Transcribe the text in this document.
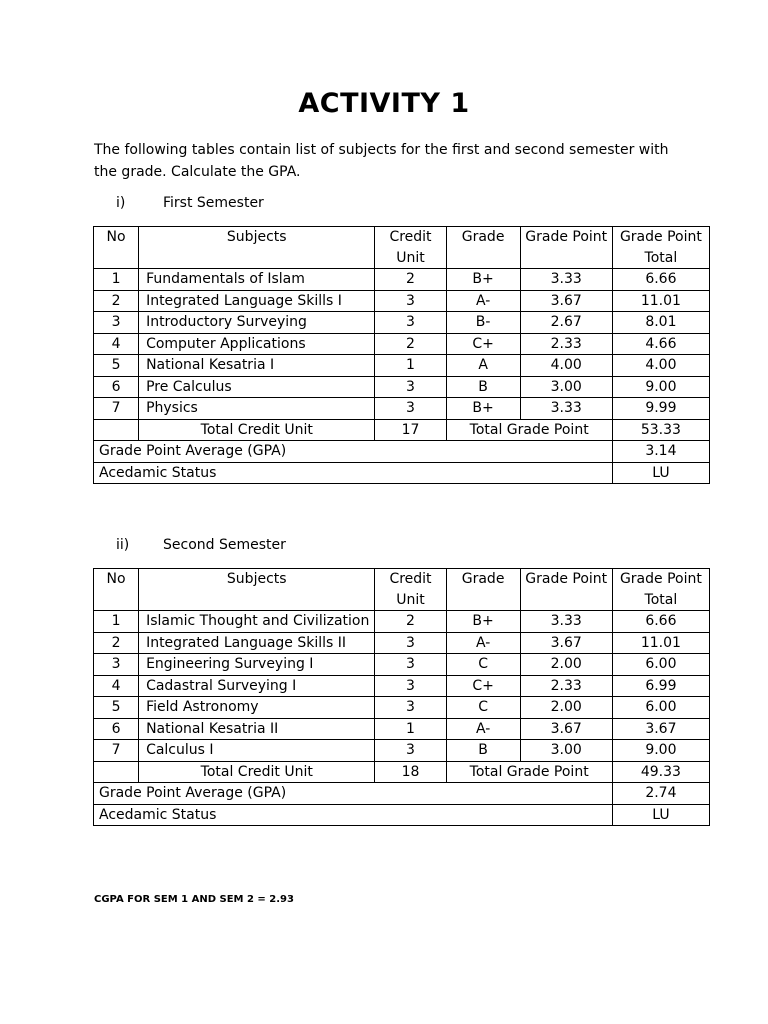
ACTIVITY 1
The following tables contain list of subjects for the first and second semester with the grade. Calculate the GPA.
i)	First Semester
No	Subjects	Credit Unit	Grade	Grade Point	Grade Point Total
1	Fundamentals of Islam	2	B+	3.33	6.66
2	Integrated Language Skills I	3	A-	3.67	11.01
3	Introductory Surveying	3	B-	2.67	8.01
4	Computer Applications	2	C+	2.33	4.66
5	National Kesatria I	1	A	4.00	4.00
6	Pre Calculus	3	B	3.00	9.00
7	Physics	3	B+	3.33	9.99
	Total Credit Unit	17	Total Grade Point		53.33
Grade Point Average (GPA)					3.14
Acedamic Status					LU
ii) Second Semester
No	Subjects	Credit Unit	Grade	Grade Point	Grade Point Total
1	Islamic Thought and Civilization	2	B+	3.33	6.66
2	Integrated Language Skills II	3	A-	3.67	11.01
3	Engineering Surveying I	3	C	2.00	6.00
4	Cadastral Surveying I	3	C+	2.33	6.99
5	Field Astronomy	3	C	2.00	6.00
6	National Kesatria II	1	A-	3.67	3.67
7	Calculus I	3	B	3.00	9.00
	Total Credit Unit	18	Total Grade Point		49.33
Grade Point Average (GPA)					2.74
Acedamic Status					LU
CGPA FOR SEM 1 AND SEM 2 = 2.93
